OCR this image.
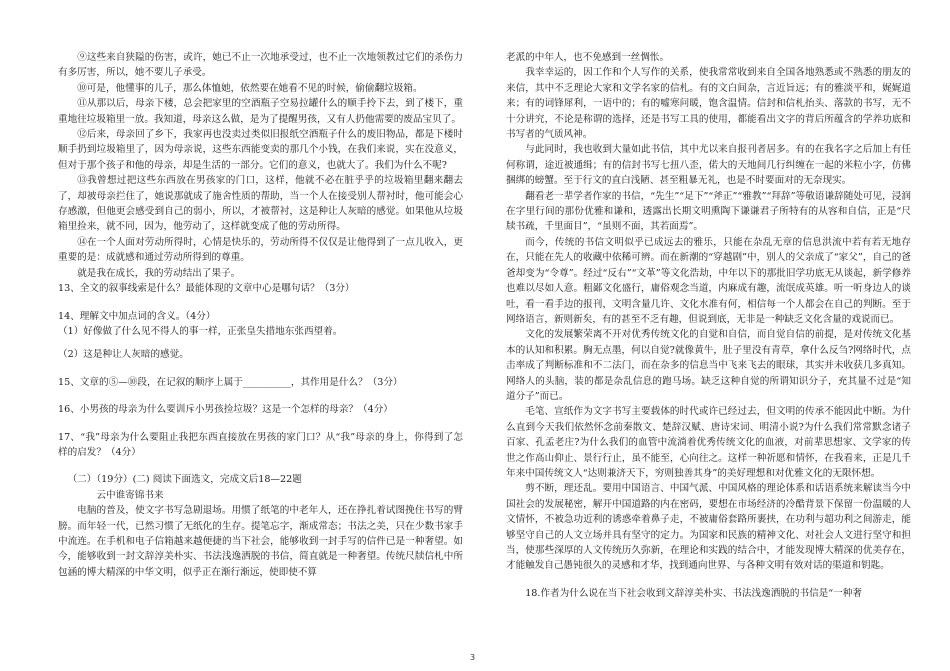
⑨这些来自狭隘的伤害，或许，她已不止一次地承受过，也不止一次地领教过它们的杀伤力有多厉害，所以，她不要儿子承受。

⑩可是，他懂事的儿子，那么体恤她，依然要在她看不见的时候，偷偷翻垃圾箱。

⑪从那以后，母亲下楼，总会把家里的空酒瓶子空易拉罐什么的顺手拎下去，到了楼下，重重地往垃圾箱里一放。我知道，母亲这么做，是为了提醒男孩，又有人扔他需要的废品宝贝了。

⑫后来，母亲回了乡下，我家再也没卖过类似旧报纸空酒瓶子什么的废旧物品，都是下楼时顺手扔到垃圾箱里了，因为母亲说，这些东西能变卖的那几个小钱，在我们来说，实在没意义，但对于那个孩子和他的母亲，却是生活的一部分。它们的意义，也就大了。我们为什么不呢?

⑬我曾想过把这些东西放在男孩家的门口，这样，他就不必在脏乎乎的垃圾箱里翻来翻去了，却被母亲拦住了，她说那就成了施舍性质的帮助，当一个人在接受别人帮衬时，他可能会心存感激，但他更会感受到自己的弱小，所以，才被帮衬，这是种让人灰暗的感觉。如果他从垃圾箱里捡来，就不同，因为，他劳动了，这样就变成了他的劳动所得。

⑭在一个人面对劳动所得时，心情是快乐的，劳动所得不仅仅是让他得到了一点儿收入，更重要的是：成就感和通过劳动所得到的尊重。

就是我在成长，我的劳动结出了果子。

13、全文的叙事线索是什么？最能体现的文章中心是哪句话？（3分）

14、理解文中加点词的含义。（4分）

（1）好像做了什么见不得人的事一样，正张皇失措地东张西望着。

（2）这是种让人灰暗的感觉。

15、文章的⑤—⑩段，在记叙的顺序上属于__________，其作用是什么？（3分）

16、小男孩的母亲为什么要训斥小男孩捡垃圾？这是一个怎样的母亲？（4分）

17、“我”母亲为什么要阻止我把东西直接放在男孩的家门口？从“我”母亲的身上，你得到了怎样的启发？（4分）

（二）（19分）(二) 阅读下面选文，完成文后18—22题

云中谁寄锦书来

电脑的普及，使文字书写急剧退场。用惯了纸笔的中老年人，还在挣扎着试图挽住书写的臂膀。而年轻一代，已然习惯了无纸化的生存。提笔忘字，渐成常态；书法之美，只在少数书家手中流连。在手机和电子信箱越来越便捷的当下社会，能够收到一封手写的信件已是一种奢望。如今，能够收到一封文辞淳美朴实、书法浅逸洒脱的书信，简直就是一种奢望。传统尺牍信札中所包涵的博大精深的中华文明，似乎正在渐行渐远，使即使不算

老派的中年人，也不免感到一丝惆怅。

我幸幸运的，因工作和个人写作的关系，使我常常收到来自全国各地熟悉或不熟悉的朋友的来信，其中不乏理论大家和文学名家的信札。有的文白间杂，言近旨远；有的雅淡平和，娓娓道来；有的词锋犀利，一语中的；有的嘘寒问暖，饱含温情。信封和信札抬头、落款的书写，无不十分讲究，不论是称谓的选择，还是书写工具的使用，都能看出文字的背后所蕴含的学养功底和书写者的气质风神。

与此同时，我也收到大量如此书信，其中尤以来自报刊者居多。有的在我名字之后加上有任何称谓，途近被通缉；有的信封书写七扭八歪，偌大的天地间几行纠缠在一起的米粒小字，仿佛捆绑的螃蟹。至于行文的直白浅陋、甚至粗暴无礼，也是不时要面对的无奈现实。

翻看老一辈学者作家的书信，“先生”“足下”“斧正”“雅教”“拜辞”等敬语谦辞随处可见，浸润在字里行间的那份优雅和谦和，透露出长期文明熏陶下谦谦君子所特有的从容和自信，正是“尺牍书疏，千里面目”，“虽则不面，其若面焉”。

而今，传统的书信文明似乎已成远去的雅乐，只能在杂乱无章的信息洪流中若有若无地存在，只能在先人的收藏中依稀可辨。而在新潮的“穿越剧”中，别人的父亲成了“家父”，自己的爸爸却变为“令尊”。经过“反右”“文革”等文化浩劫，中年以下的那批旧学功底无从谈起，新学修养也难以尽如人意。粗鄙文化盛行，庸俗观念当道，内麻成有趣，流氓成英雄。听一听身边人的谈吐，看一看手边的报刊，文明含量几许、文化水准有何，相信每一个人都会在自己的判断。至于网络语言，新则新矣，有的甚至不乏有趣，但说到底，无非是一种缺乏文化含量的戏说而已。

文化的发展繁荣离不开对优秀传统文化的自觉和自信，而自觉自信的前提，是对传统文化基本的认知和积累。胸无点墨，何以自觉?就像黄牛，肚子里没有青草，拿什么反刍?网络时代，点击率成了判断标准和不二法门，而在杂多的信息当中飞来飞去的眼球，其实并未收获几多真知。网络人的头脑，装的都是杂乱信息的跑马场。缺乏这种自觉的所谓知识分子，充其量不过是“知道分子”而已。

毛笔、宣纸作为文字书写主要载体的时代或许已经过去，但文明的传承不能因此中断。为什么直到今天我们依然怀念前秦散文、楚辞汉赋、唐诗宋词、明清小说?为什么我们常常默念诸子百家、孔孟老庄?为什么我们的血管中流淌着优秀传统文化的血液，对前辈思想家、文学家的传世之作高山仰止、景行行止，虽不能至，心向往之。这样一种祈愿和情怀，在我看来，正是几千年来中国传统文人“达则兼济天下，穷则独善其身”的美好理想和对优雅文化的无限怀想。

剪不断，理还乱。要用中国语言、中国气派、中国风格的理论体系和话语系统来解读当今中国社会的发展秘密，解开中国道路的内在密码，要想在市场经济的冷酷背景下保留一份温暖的人文情怀，不被急功近利的诱惑牵着鼻子走，不被庸俗套路所裹挟，在功利与超功利之间游走，能够坚守自己的人文立场并具有坚守的定力。为国家和民族的精神文化、对社会人文进行坚守和担当，使那些深厚的人文传统历久弥新，在理论和实践的结合中，才能发现博大精深的优美存在，才能触发自己愚钝很久的灵感和才华，找到通向世界、与各种文明有效对话的渠道和钥匙。

18.作者为什么说在当下社会收到文辞淳美朴实、书法浅逸洒脱的书信是“一种奢

3
